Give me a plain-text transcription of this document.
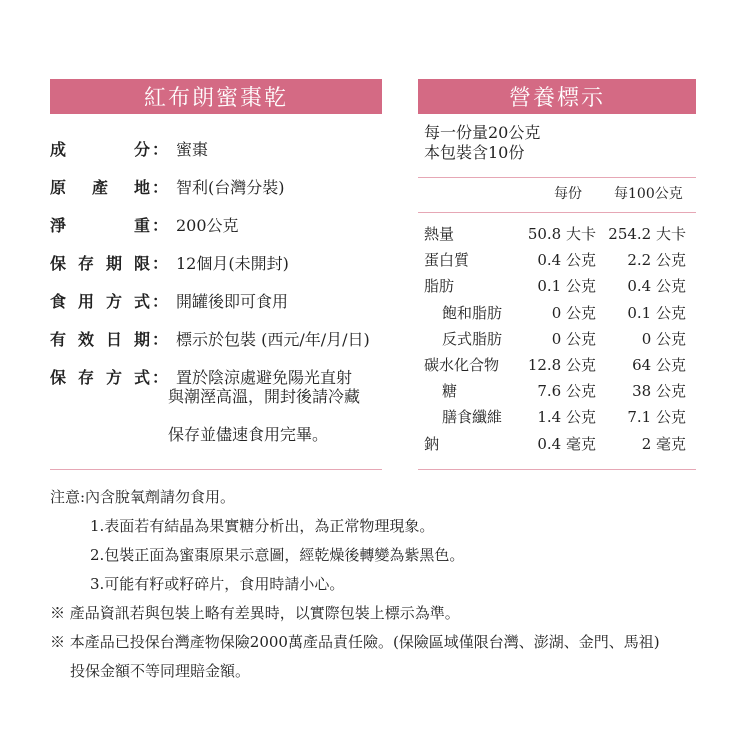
紅布朗蜜棗乾	營養標示
成	分 ： 蜜棗
原 產 地 ： 智利(台灣分裝)
淨	重 ： 200公克
保 存 期 限 ： 12個月(未開封)
食 用 方 式 ： 開罐後即可食用
有 效 日 期 ： 標示於包裝 (西元/年/月/日)
保 存 方 式 ： 置於陰涼處避免陽光直射
與潮溼高溫，開封後請冷藏
保存並儘速食用完畢。
每一份量20公克
本包裝含10份
每份 每100公克
熱量	50.8 大卡 254.2 大卡
蛋白質	0.4 公克 2.2 公克
脂肪	0.1 公克 0.4 公克
飽和脂肪	0 公克 0.1 公克
反式脂肪	0 公克	0 公克
碳水化合物 12.8 公克 64 公克
糖	7.6 公克 38 公克
膳食纖維 1.4 公克 7.1 公克
鈉	0.4 毫克	2 毫克
注意:內含脫氧劑請勿食用。
1.表面若有結晶為果實糖分析出，為正常物理現象。
2.包裝正面為蜜棗原果示意圖，經乾燥後轉變為紫黑色。
3.可能有籽或籽碎片，食用時請小心。
※ 產品資訊若與包裝上略有差異時，以實際包裝上標示為準。
※ 本產品已投保台灣產物保險2000萬產品責任險。(保險區域僅限台灣、澎湖、金門、馬祖)
投保金額不等同理賠金額。
